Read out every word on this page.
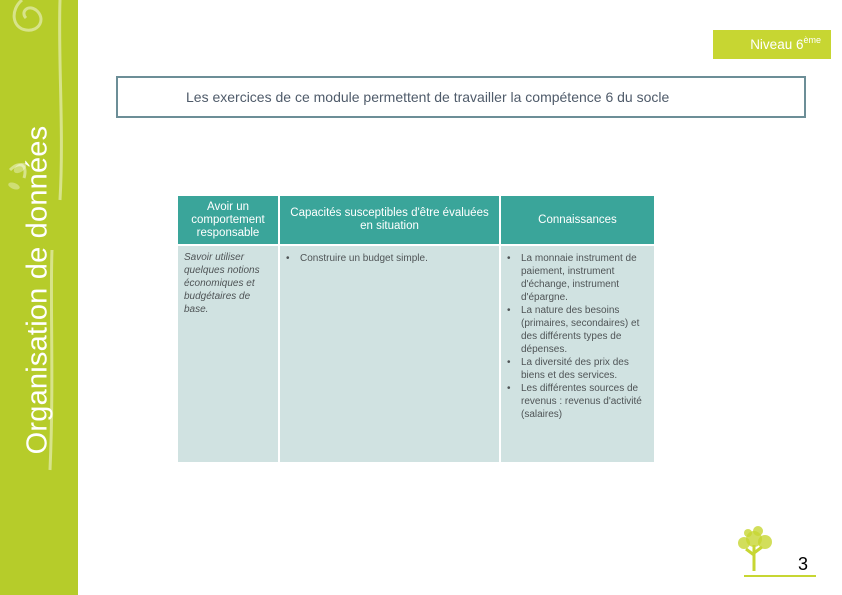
Organisation de données
Niveau 6ème
Les exercices de ce module permettent de travailler la compétence 6 du socle
Avoir un comportement responsable
Savoir utiliser quelques notions économiques et budgétaires de base.
Capacités susceptibles d'être évaluées en situation
• Construire un budget simple.
Connaissances
• La monnaie instrument de paiement, instrument d'échange, instrument d'épargne.
• La nature des besoins (primaires, secondaires) et des différents types de dépenses.
• La diversité des prix des biens et des services.
• Les différentes sources de revenus : revenus d'activité (salaires)
3
